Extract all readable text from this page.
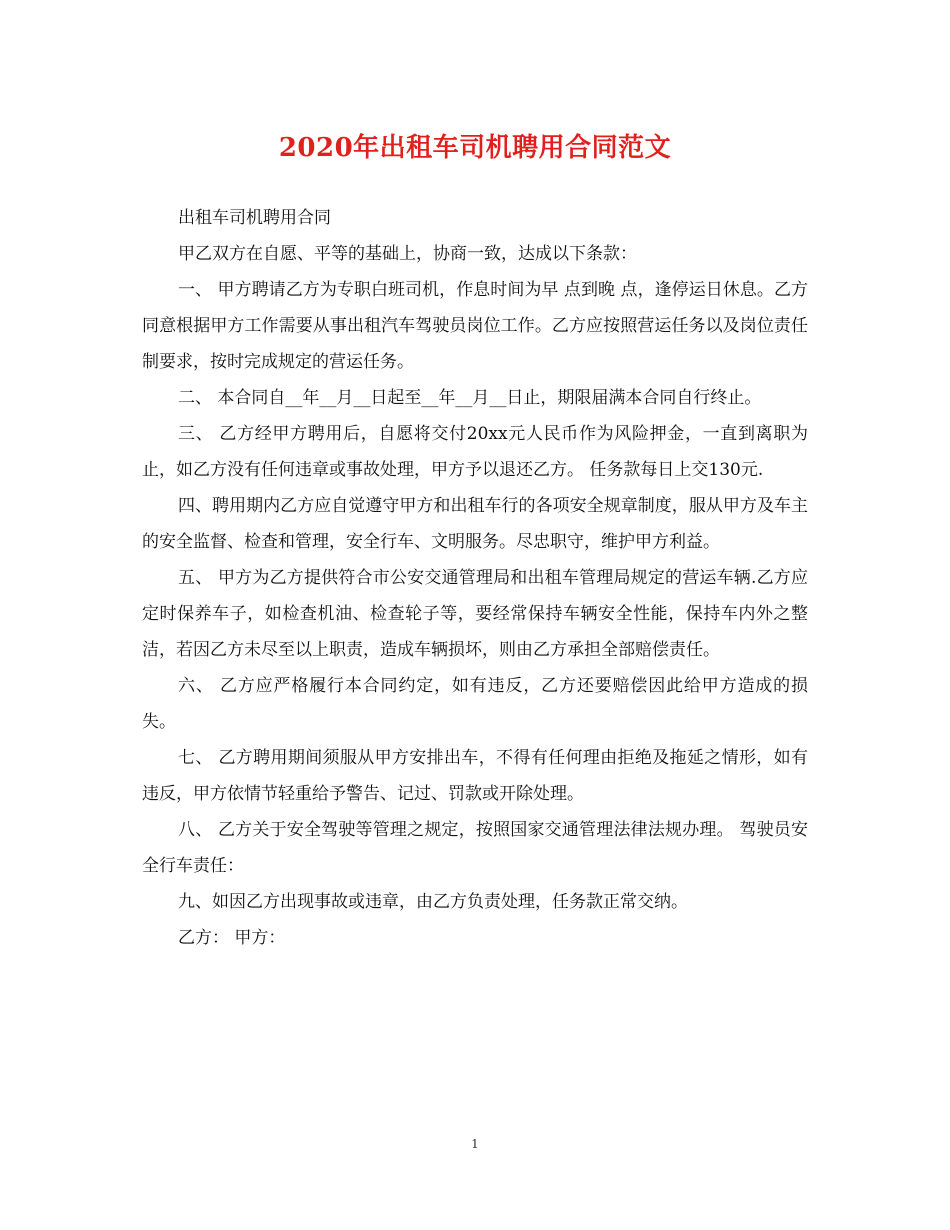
2020年出租车司机聘用合同范文

出租车司机聘用合同

甲乙双方在自愿、平等的基础上，协商一致，达成以下条款：

一、 甲方聘请乙方为专职白班司机，作息时间为早 点到晚 点，逢停运日休息。乙方同意根据甲方工作需要从事出租汽车驾驶员岗位工作。乙方应按照营运任务以及岗位责任制要求，按时完成规定的营运任务。

二、 本合同自__年__月__日起至__年__月__日止，期限届满本合同自行终止。

三、 乙方经甲方聘用后，自愿将交付20xx元人民币作为风险押金，一直到离职为止，如乙方没有任何违章或事故处理，甲方予以退还乙方。 任务款每日上交130元.

四、聘用期内乙方应自觉遵守甲方和出租车行的各项安全规章制度，服从甲方及车主的安全监督、检查和管理，安全行车、文明服务。尽忠职守，维护甲方利益。

五、 甲方为乙方提供符合市公安交通管理局和出租车管理局规定的营运车辆.乙方应定时保养车子，如检查机油、检查轮子等，要经常保持车辆安全性能，保持车内外之整洁，若因乙方未尽至以上职责，造成车辆损坏，则由乙方承担全部赔偿责任。

六、 乙方应严格履行本合同约定，如有违反，乙方还要赔偿因此给甲方造成的损失。

七、 乙方聘用期间须服从甲方安排出车，不得有任何理由拒绝及拖延之情形，如有违反，甲方依情节轻重给予警告、记过、罚款或开除处理。

八、 乙方关于安全驾驶等管理之规定，按照国家交通管理法律法规办理。 驾驶员安全行车责任：

九、如因乙方出现事故或违章，由乙方负责处理，任务款正常交纳。

乙方： 甲方：

1
